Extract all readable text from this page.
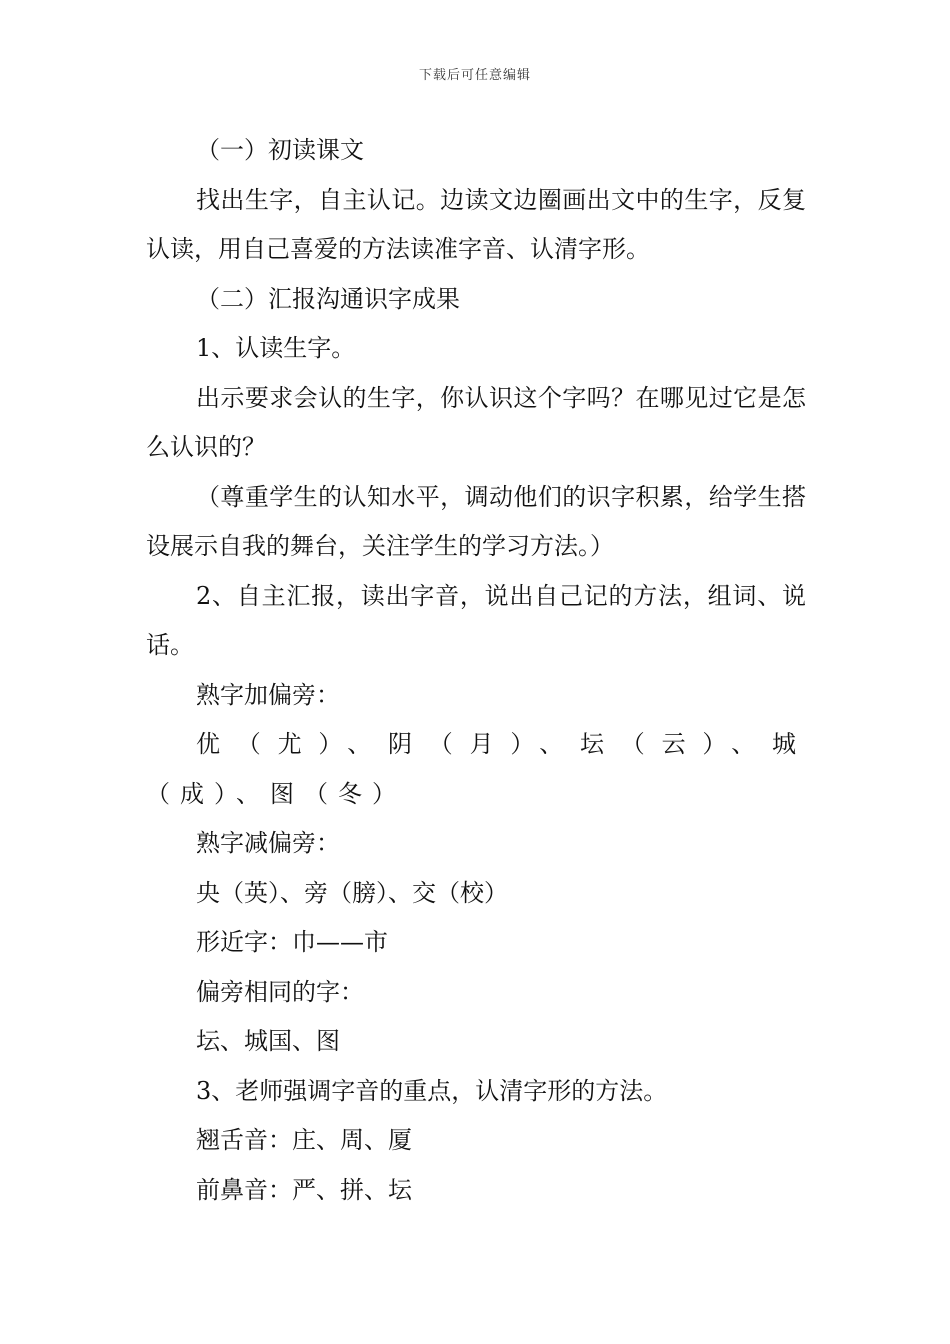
下载后可任意编辑

（一）初读课文

找出生字，自主认记。边读文边圈画出文中的生字，反复认读，用自己喜爱的方法读准字音、认清字形。

（二）汇报沟通识字成果

1、认读生字。

出示要求会认的生字，你认识这个字吗？在哪见过它是怎么认识的？

（尊重学生的认知水平，调动他们的识字积累，给学生搭设展示自我的舞台，关注学生的学习方法。）

2、自主汇报，读出字音，说出自己记的方法，组词、说话。

熟字加偏旁：

优（尤）、阴（月）、坛（云）、城（成）、图（冬）

熟字减偏旁：

央（英）、旁（膀）、交（校）

形近字：巾——市

偏旁相同的字：

坛、城国、图

3、老师强调字音的重点，认清字形的方法。

翘舌音：庄、周、厦

前鼻音：严、拼、坛
